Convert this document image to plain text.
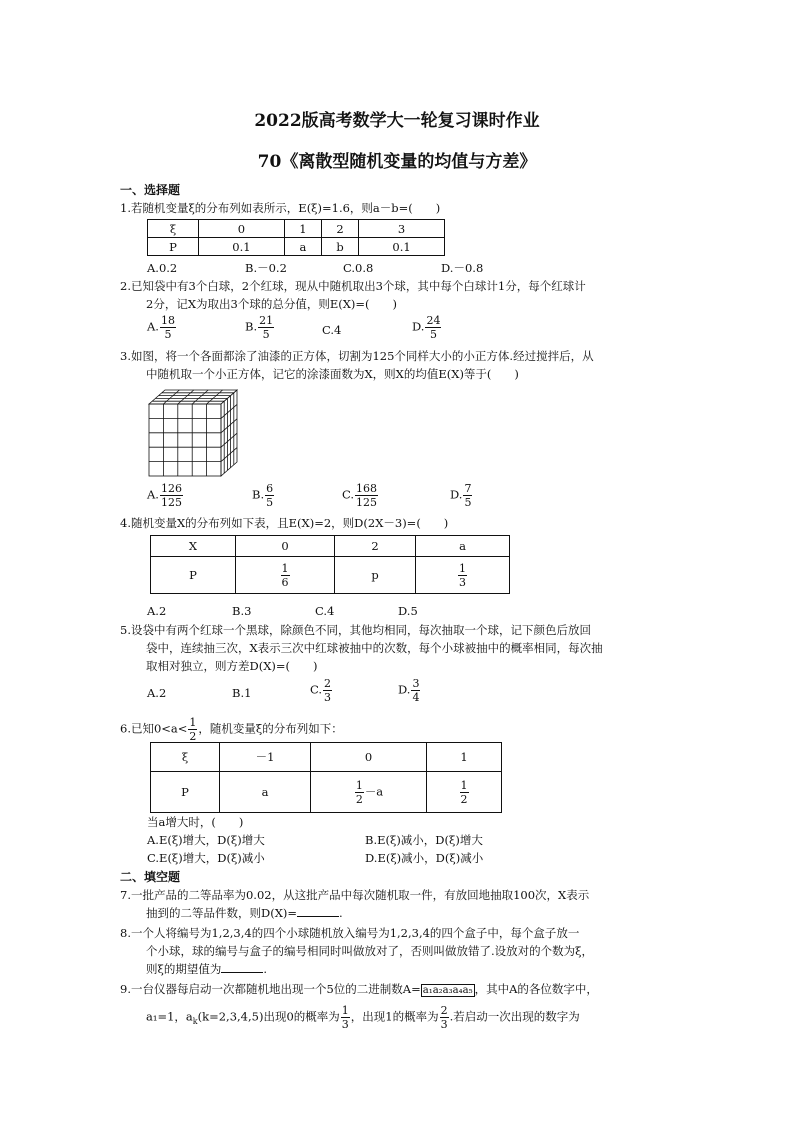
2022版高考数学大一轮复习课时作业
70《离散型随机变量的均值与方差》
一、选择题
1.若随机变量ξ的分布列如表所示，E(ξ)=1.6，则a－b=(　　)
ξ	0	1	2	3
P	0.1	a	b	0.1
A.0.2	B.－0.2	C.0.8	D.－0.8
2.已知袋中有3个白球，2个红球，现从中随机取出3个球，其中每个白球计1分，每个红球计
2分，记X为取出3个球的总分值，则E(X)=(　　)
A. $\frac{18}{5}$	B. $\frac{21}{5}$	C.4	D. $\frac{24}{5}$
3.如图，将一个各面都涂了油漆的正方体，切割为125个同样大小的小正方体.经过搅拌后，从
中随机取一个小正方体，记它的涂漆面数为X，则X的均值E(X)等于(　　)
A. $\frac{126}{125}$	B. $\frac{6}{5}$	C. $\frac{168}{125}$	D. $\frac{7}{5}$
4.随机变量X的分布列如下表，且E(X)=2，则D(2X－3)=(　　)
X	0	2	a
P	$\frac{1}{6}$	p	$\frac{1}{3}$
A.2	B.3	C.4	D.5
5.设袋中有两个红球一个黑球，除颜色不同，其他均相同，每次抽取一个球，记下颜色后放回
袋中，连续抽三次，X表示三次中红球被抽中的次数，每个小球被抽中的概率相同，每次抽
取相对独立，则方差D(X)=(　　)
A.2	B.1	C. $\frac{2}{3}$	D. $\frac{3}{4}$
6.已知$0<a< \frac{1}{2}$ ，随机变量ξ的分布列如下：
ξ	－1	0	1
P	a	$\frac{1}{2} -a$	$\frac{1}{2}$
当a增大时，(　　)
A.E(ξ)增大，D(ξ)增大	B.E(ξ)减小，D(ξ)增大
C.E(ξ)增大，D(ξ)减小	D.E(ξ)减小，D(ξ)减小
二、填空题
7.一批产品的二等品率为0.02，从这批产品中每次随机取一件，有放回地抽取100次，X表示
抽到的二等品件数，则D(X)=	.
8.一个人将编号为1,2,3,4的四个小球随机放入编号为1,2,3,4的四个盒子中，每个盒子放一
个小球，球的编号与盒子的编号相同时叫做放对了，否则叫做放错了.设放对的个数为ξ，
则ξ的期望值为	.
9.一台仪器每启动一次都随机地出现一个5位的二进制数A= a₁a₂a₃a₄a₅ ，其中A的各位数字中，
a₁=1，$a_k(k=2,3,4,5)$出现0的概率为 $\frac{1}{3}$ ，出现1的概率为 $\frac{2}{3}$ .若启动一次出现的数字为
